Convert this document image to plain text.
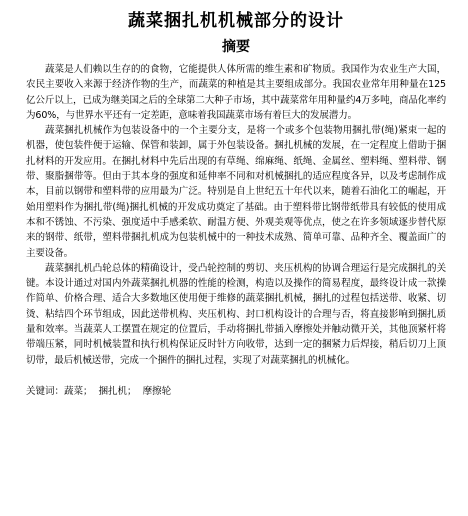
蔬菜捆扎机机械部分的设计
摘要

蔬菜是人们赖以生存的的食物，它能提供人体所需的维生素和矿物质。我国作为农业生产大国，农民主要收入来源于经济作物的生产，而蔬菜的种植是其主要组成部分。我国农业常年用种量在125亿公斤以上，已成为继美国之后的全球第二大种子市场，其中蔬菜常年用种量约4万多吨，商品化率约为60%，与世界水平还有一定差距，意味着我国蔬菜市场有着巨大的发展潜力。

蔬菜捆扎机械作为包装设备中的一个主要分支，是将一个或多个包装物用捆扎带(绳)紧束一起的机器，使包装件便于运输、保管和装卸，属于外包装设备。捆扎机械的发展，在一定程度上借助于捆扎材料的开发应用。在捆扎材料中先后出现的有草绳、绵麻绳、纸绳、金属丝、塑料绳、塑料带、钢带、聚脂捆带等。但由于其本身的强度和延伸率不同和对机械捆扎的适应程度各异，以及考虑制作成本，目前以钢带和塑料带的应用最为广泛。特别是自上世纪五十年代以来，随着石油化工的崛起，开始用塑料作为捆扎带(绳)捆扎机械的开发成功奠定了基础。由于塑料带比钢带纸带具有较低的使用成本和不锈蚀、不污染、强度适中手感柔软、耐温方便、外观美观等优点，使之在许多领域逐步替代原来的钢带、纸带，塑料带捆扎机成为包装机械中的一种技术成熟、简单可靠、品种齐全、覆盖面广的主要设备。

蔬菜捆扎机凸轮总体的精确设计，受凸轮控制的剪切、夹压机构的协调合理运行是完成捆扎的关键。本设计通过对国内外蔬菜捆扎机器的性能的检测，构造以及操作的简易程度，最终设计成一款操作简单、价格合理、适合大多数地区使用便于维修的蔬菜捆扎机械，捆扎的过程包括送带、收紧、切烫、粘结四个环节组成，因此送带机构、夹压机构、封口机构设计的合理与否，将直接影响到捆扎质量和效率。当蔬菜人工摆置在规定的位置后，手动将捆扎带插入摩擦处并触动微开关，其他顶紧杆将带端压紧，同时机械装置和执行机构保证反时针方向收带，达到一定的捆紧力后焊接，稍后切刀上顶切带，最后机械送带，完成一个捆件的捆扎过程，实现了对蔬菜捆扎的机械化。

关键词：蔬菜；  捆扎机；  摩擦轮
